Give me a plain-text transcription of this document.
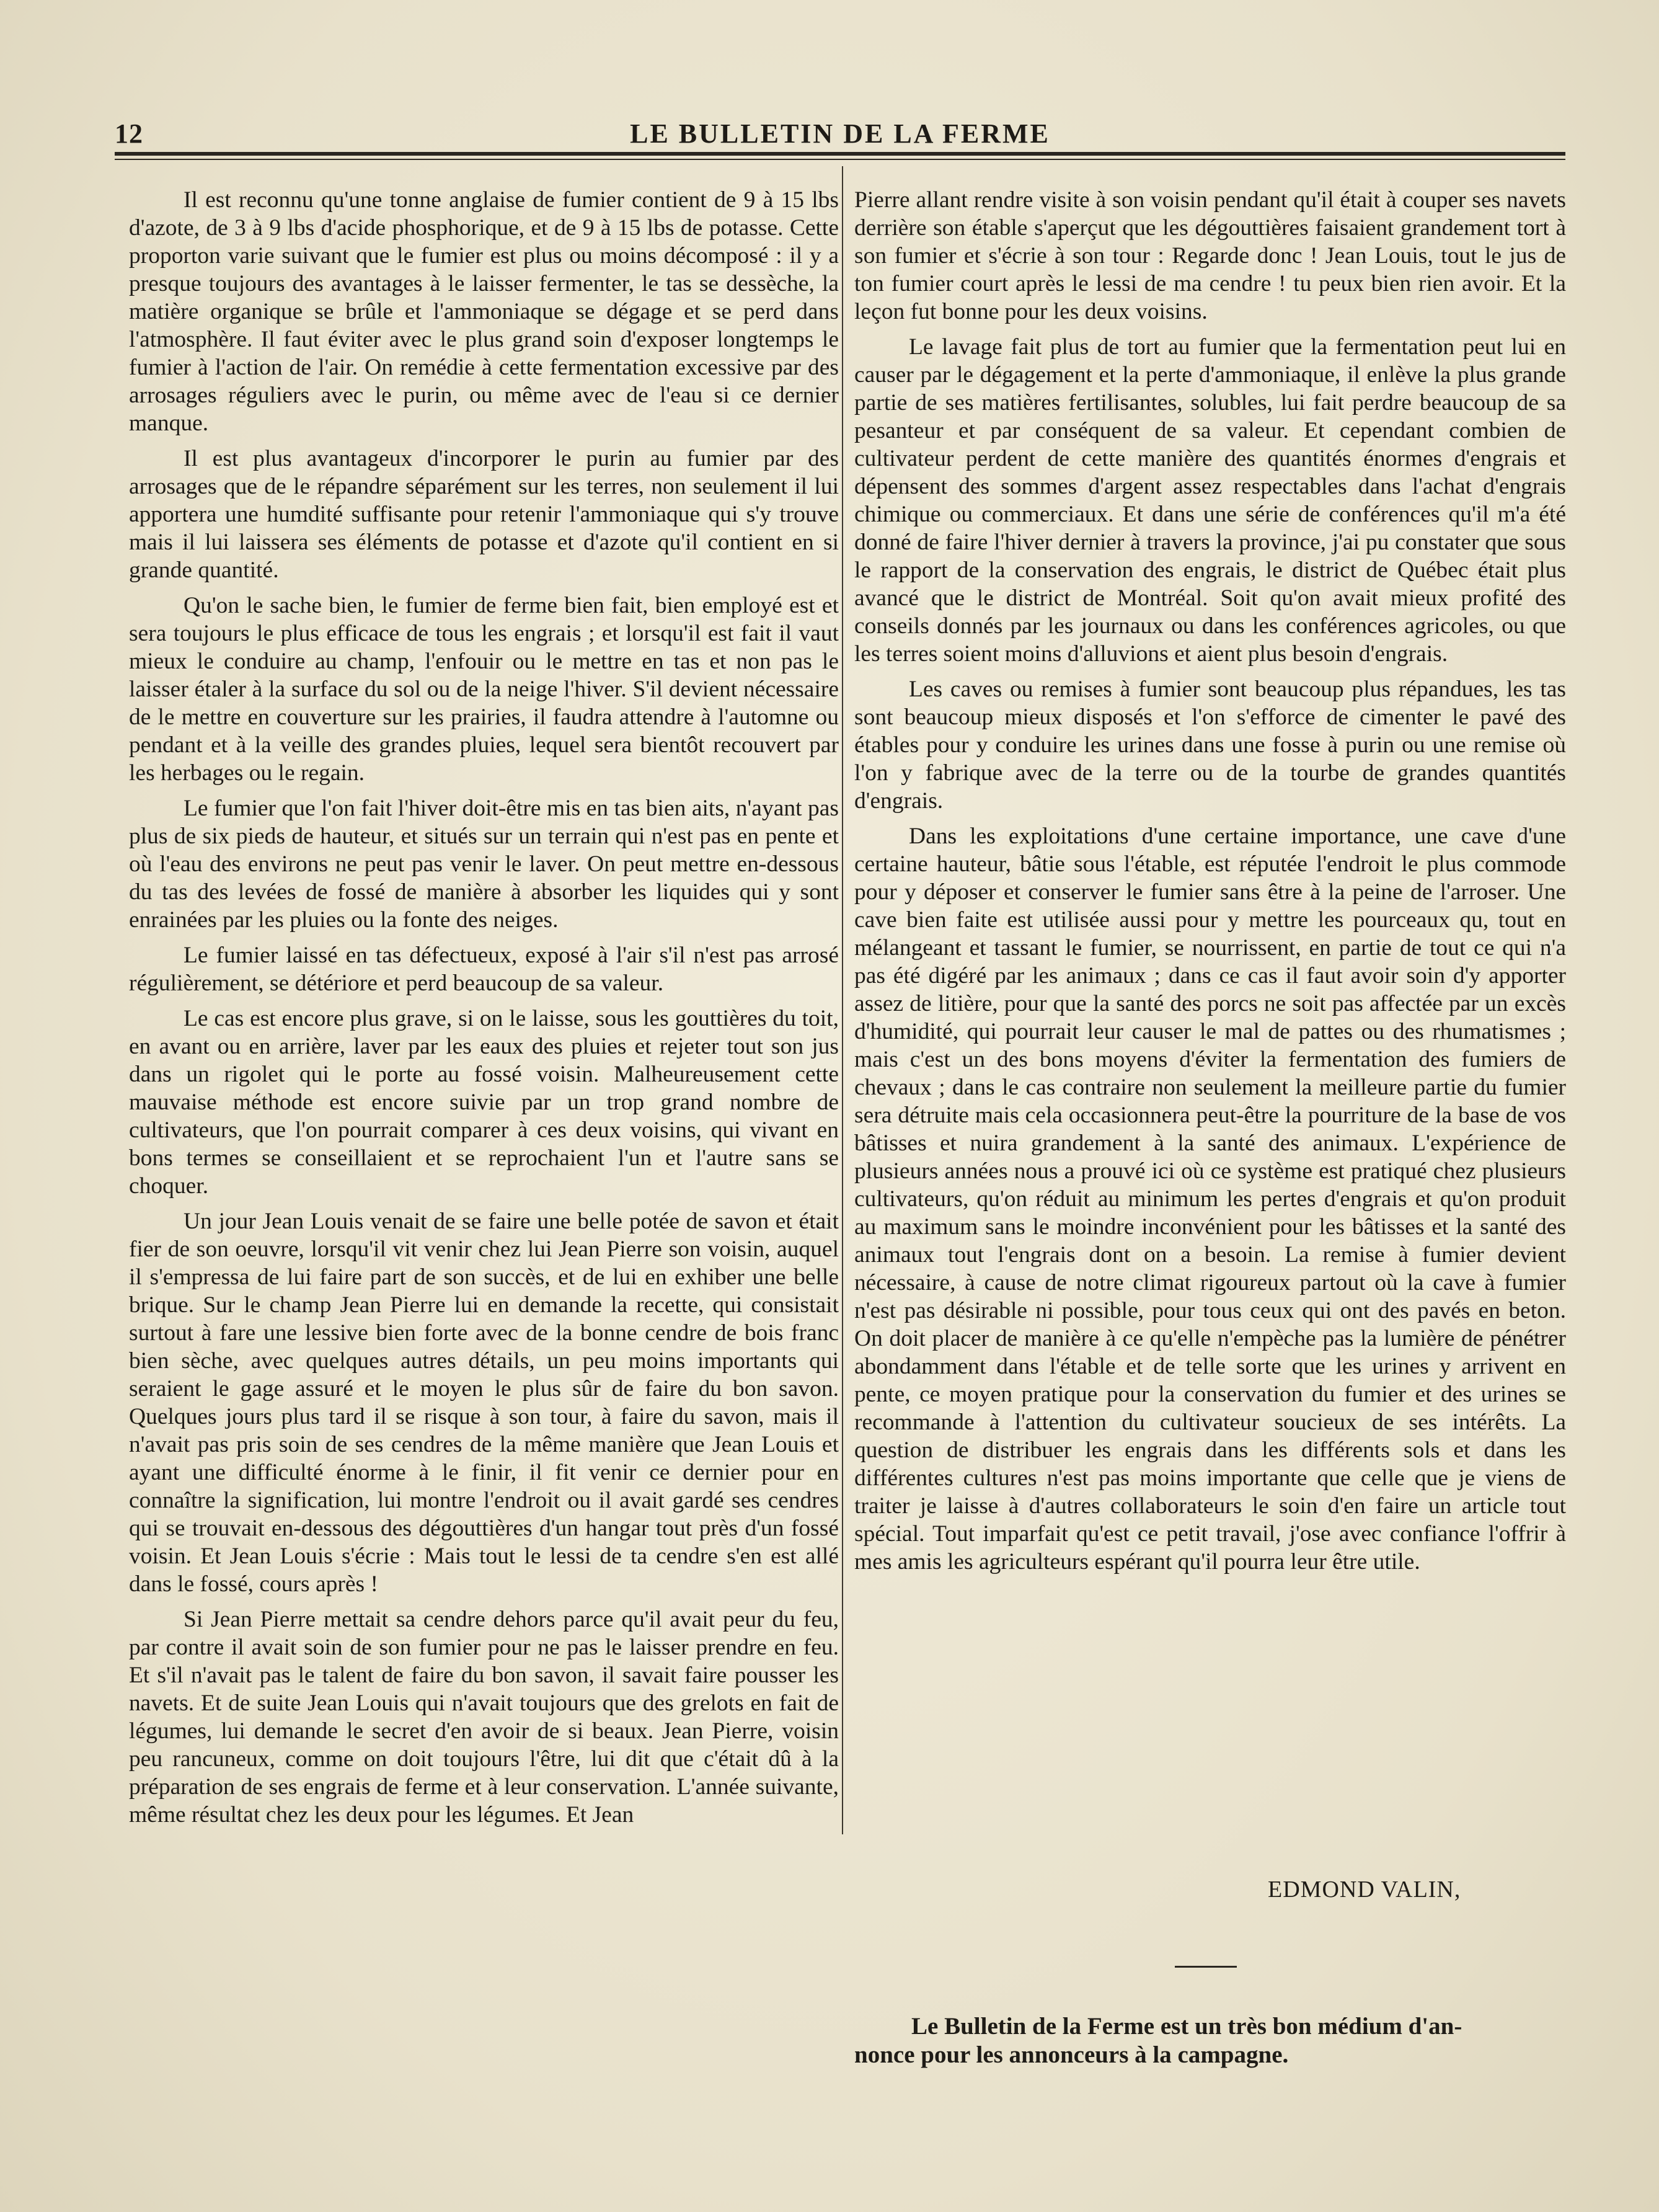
12	LE BULLETIN DE LA FERME

Il est reconnu qu'une tonne anglaise de fumier contient de 9 à 15 lbs d'azote, de 3 à 9 lbs d'acide phosphorique, et de 9 à 15 lbs de potasse. Cette proporton varie suivant que le fumier est plus ou moins décomposé : il y a presque toujours des avantages à le laisser fermenter, le tas se dessèche, la matière organique se brûle et l'ammoniaque se dégage et se perd dans l'atmosphère. Il faut éviter avec le plus grand soin d'exposer longtemps le fumier à l'action de l'air. On remédie à cette fermentation excessive par des arrosages réguliers avec le purin, ou même avec de l'eau si ce dernier manque.

Il est plus avantageux d'incorporer le purin au fumier par des arrosages que de le répandre séparément sur les terres, non seulement il lui apportera une humdité suffisante pour retenir l'ammoniaque qui s'y trouve mais il lui laissera ses éléments de potasse et d'azote qu'il contient en si grande quantité.

Qu'on le sache bien, le fumier de ferme bien fait, bien employé est et sera toujours le plus efficace de tous les engrais ; et lorsqu'il est fait il vaut mieux le conduire au champ, l'enfouir ou le mettre en tas et non pas le laisser étaler à la surface du sol ou de la neige l'hiver. S'il devient nécessaire de le mettre en couverture sur les prairies, il faudra attendre à l'automne ou pendant et à la veille des grandes pluies, lequel sera bientôt recouvert par les herbages ou le regain.

Le fumier que l'on fait l'hiver doit-être mis en tas bien aits, n'ayant pas plus de six pieds de hauteur, et situés sur un terrain qui n'est pas en pente et où l'eau des environs ne peut pas venir le laver. On peut mettre en-dessous du tas des levées de fossé de manière à absorber les liquides qui y sont enrainées par les pluies ou la fonte des neiges.

Le fumier laissé en tas défectueux, exposé à l'air s'il n'est pas arrosé régulièrement, se détériore et perd beaucoup de sa valeur.

Le cas est encore plus grave, si on le laisse, sous les gouttières du toit, en avant ou en arrière, laver par les eaux des pluies et rejeter tout son jus dans un rigolet qui le porte au fossé voisin. Malheureusement cette mauvaise méthode est encore suivie par un trop grand nombre de cultivateurs, que l'on pourrait comparer à ces deux voisins, qui vivant en bons termes se conseillaient et se reprochaient l'un et l'autre sans se choquer.

Un jour Jean Louis venait de se faire une belle potée de savon et était fier de son oeuvre, lorsqu'il vit venir chez lui Jean Pierre son voisin, auquel il s'empressa de lui faire part de son succès, et de lui en exhiber une belle brique. Sur le champ Jean Pierre lui en demande la recette, qui consistait surtout à fare une lessive bien forte avec de la bonne cendre de bois franc bien sèche, avec quelques autres détails, un peu moins importants qui seraient le gage assuré et le moyen le plus sûr de faire du bon savon. Quelques jours plus tard il se risque à son tour, à faire du savon, mais il n'avait pas pris soin de ses cendres de la même manière que Jean Louis et ayant une difficulté énorme à le finir, il fit venir ce dernier pour en connaître la signification, lui montre l'endroit ou il avait gardé ses cendres qui se trouvait en-dessous des dégouttières d'un hangar tout près d'un fossé voisin. Et Jean Louis s'écrie : Mais tout le lessi de ta cendre s'en est allé dans le fossé, cours après !

Si Jean Pierre mettait sa cendre dehors parce qu'il avait peur du feu, par contre il avait soin de son fumier pour ne pas le laisser prendre en feu. Et s'il n'avait pas le talent de faire du bon savon, il savait faire pousser les navets. Et de suite Jean Louis qui n'avait toujours que des grelots en fait de légumes, lui demande le secret d'en avoir de si beaux. Jean Pierre, voisin peu rancuneux, comme on doit toujours l'être, lui dit que c'était dû à la préparation de ses engrais de ferme et à leur conservation. L'année suivante, même résultat chez les deux pour les légumes. Et Jean

Pierre allant rendre visite à son voisin pendant qu'il était à couper ses navets derrière son étable s'aperçut que les dégouttières faisaient grandement tort à son fumier et s'écrie à son tour : Regarde donc ! Jean Louis, tout le jus de ton fumier court après le lessi de ma cendre ! tu peux bien rien avoir. Et la leçon fut bonne pour les deux voisins.

Le lavage fait plus de tort au fumier que la fermentation peut lui en causer par le dégagement et la perte d'ammoniaque, il enlève la plus grande partie de ses matières fertilisantes, solubles, lui fait perdre beaucoup de sa pesanteur et par conséquent de sa valeur. Et cependant combien de cultivateur perdent de cette manière des quantités énormes d'engrais et dépensent des sommes d'argent assez respectables dans l'achat d'engrais chimique ou commerciaux. Et dans une série de conférences qu'il m'a été donné de faire l'hiver dernier à travers la province, j'ai pu constater que sous le rapport de la conservation des engrais, le district de Québec était plus avancé que le district de Montréal. Soit qu'on avait mieux profité des conseils donnés par les journaux ou dans les conférences agricoles, ou que les terres soient moins d'alluvions et aient plus besoin d'engrais.

Les caves ou remises à fumier sont beaucoup plus répandues, les tas sont beaucoup mieux disposés et l'on s'efforce de cimenter le pavé des étables pour y conduire les urines dans une fosse à purin ou une remise où l'on y fabrique avec de la terre ou de la tourbe de grandes quantités d'engrais.

Dans les exploitations d'une certaine importance, une cave d'une certaine hauteur, bâtie sous l'étable, est réputée l'endroit le plus commode pour y déposer et conserver le fumier sans être à la peine de l'arroser. Une cave bien faite est utilisée aussi pour y mettre les pourceaux qu, tout en mélangeant et tassant le fumier, se nourrissent, en partie de tout ce qui n'a pas été digéré par les animaux ; dans ce cas il faut avoir soin d'y apporter assez de litière, pour que la santé des porcs ne soit pas affectée par un excès d'humidité, qui pourrait leur causer le mal de pattes ou des rhumatismes ; mais c'est un des bons moyens d'éviter la fermentation des fumiers de chevaux ; dans le cas contraire non seulement la meilleure partie du fumier sera détruite mais cela occasionnera peut-être la pourriture de la base de vos bâtisses et nuira grandement à la santé des animaux. L'expérience de plusieurs années nous a prouvé ici où ce système est pratiqué chez plusieurs cultivateurs, qu'on réduit au minimum les pertes d'engrais et qu'on produit au maximum sans le moindre inconvénient pour les bâtisses et la santé des animaux tout l'engrais dont on a besoin. La remise à fumier devient nécessaire, à cause de notre climat rigoureux partout où la cave à fumier n'est pas désirable ni possible, pour tous ceux qui ont des pavés en beton. On doit placer de manière à ce qu'elle n'empèche pas la lumière de pénétrer abondamment dans l'étable et de telle sorte que les urines y arrivent en pente, ce moyen pratique pour la conservation du fumier et des urines se recommande à l'attention du cultivateur soucieux de ses intérêts. La question de distribuer les engrais dans les différents sols et dans les différentes cultures n'est pas moins importante que celle que je viens de traiter je laisse à d'autres collaborateurs le soin d'en faire un article tout spécial. Tout imparfait qu'est ce petit travail, j'ose avec confiance l'offrir à mes amis les agriculteurs espérant qu'il pourra leur être utile.

EDMOND VALIN,
Le Bulletin de la Ferme est un très bon médium d'an-
nonce pour les annonceurs à la campagne.
